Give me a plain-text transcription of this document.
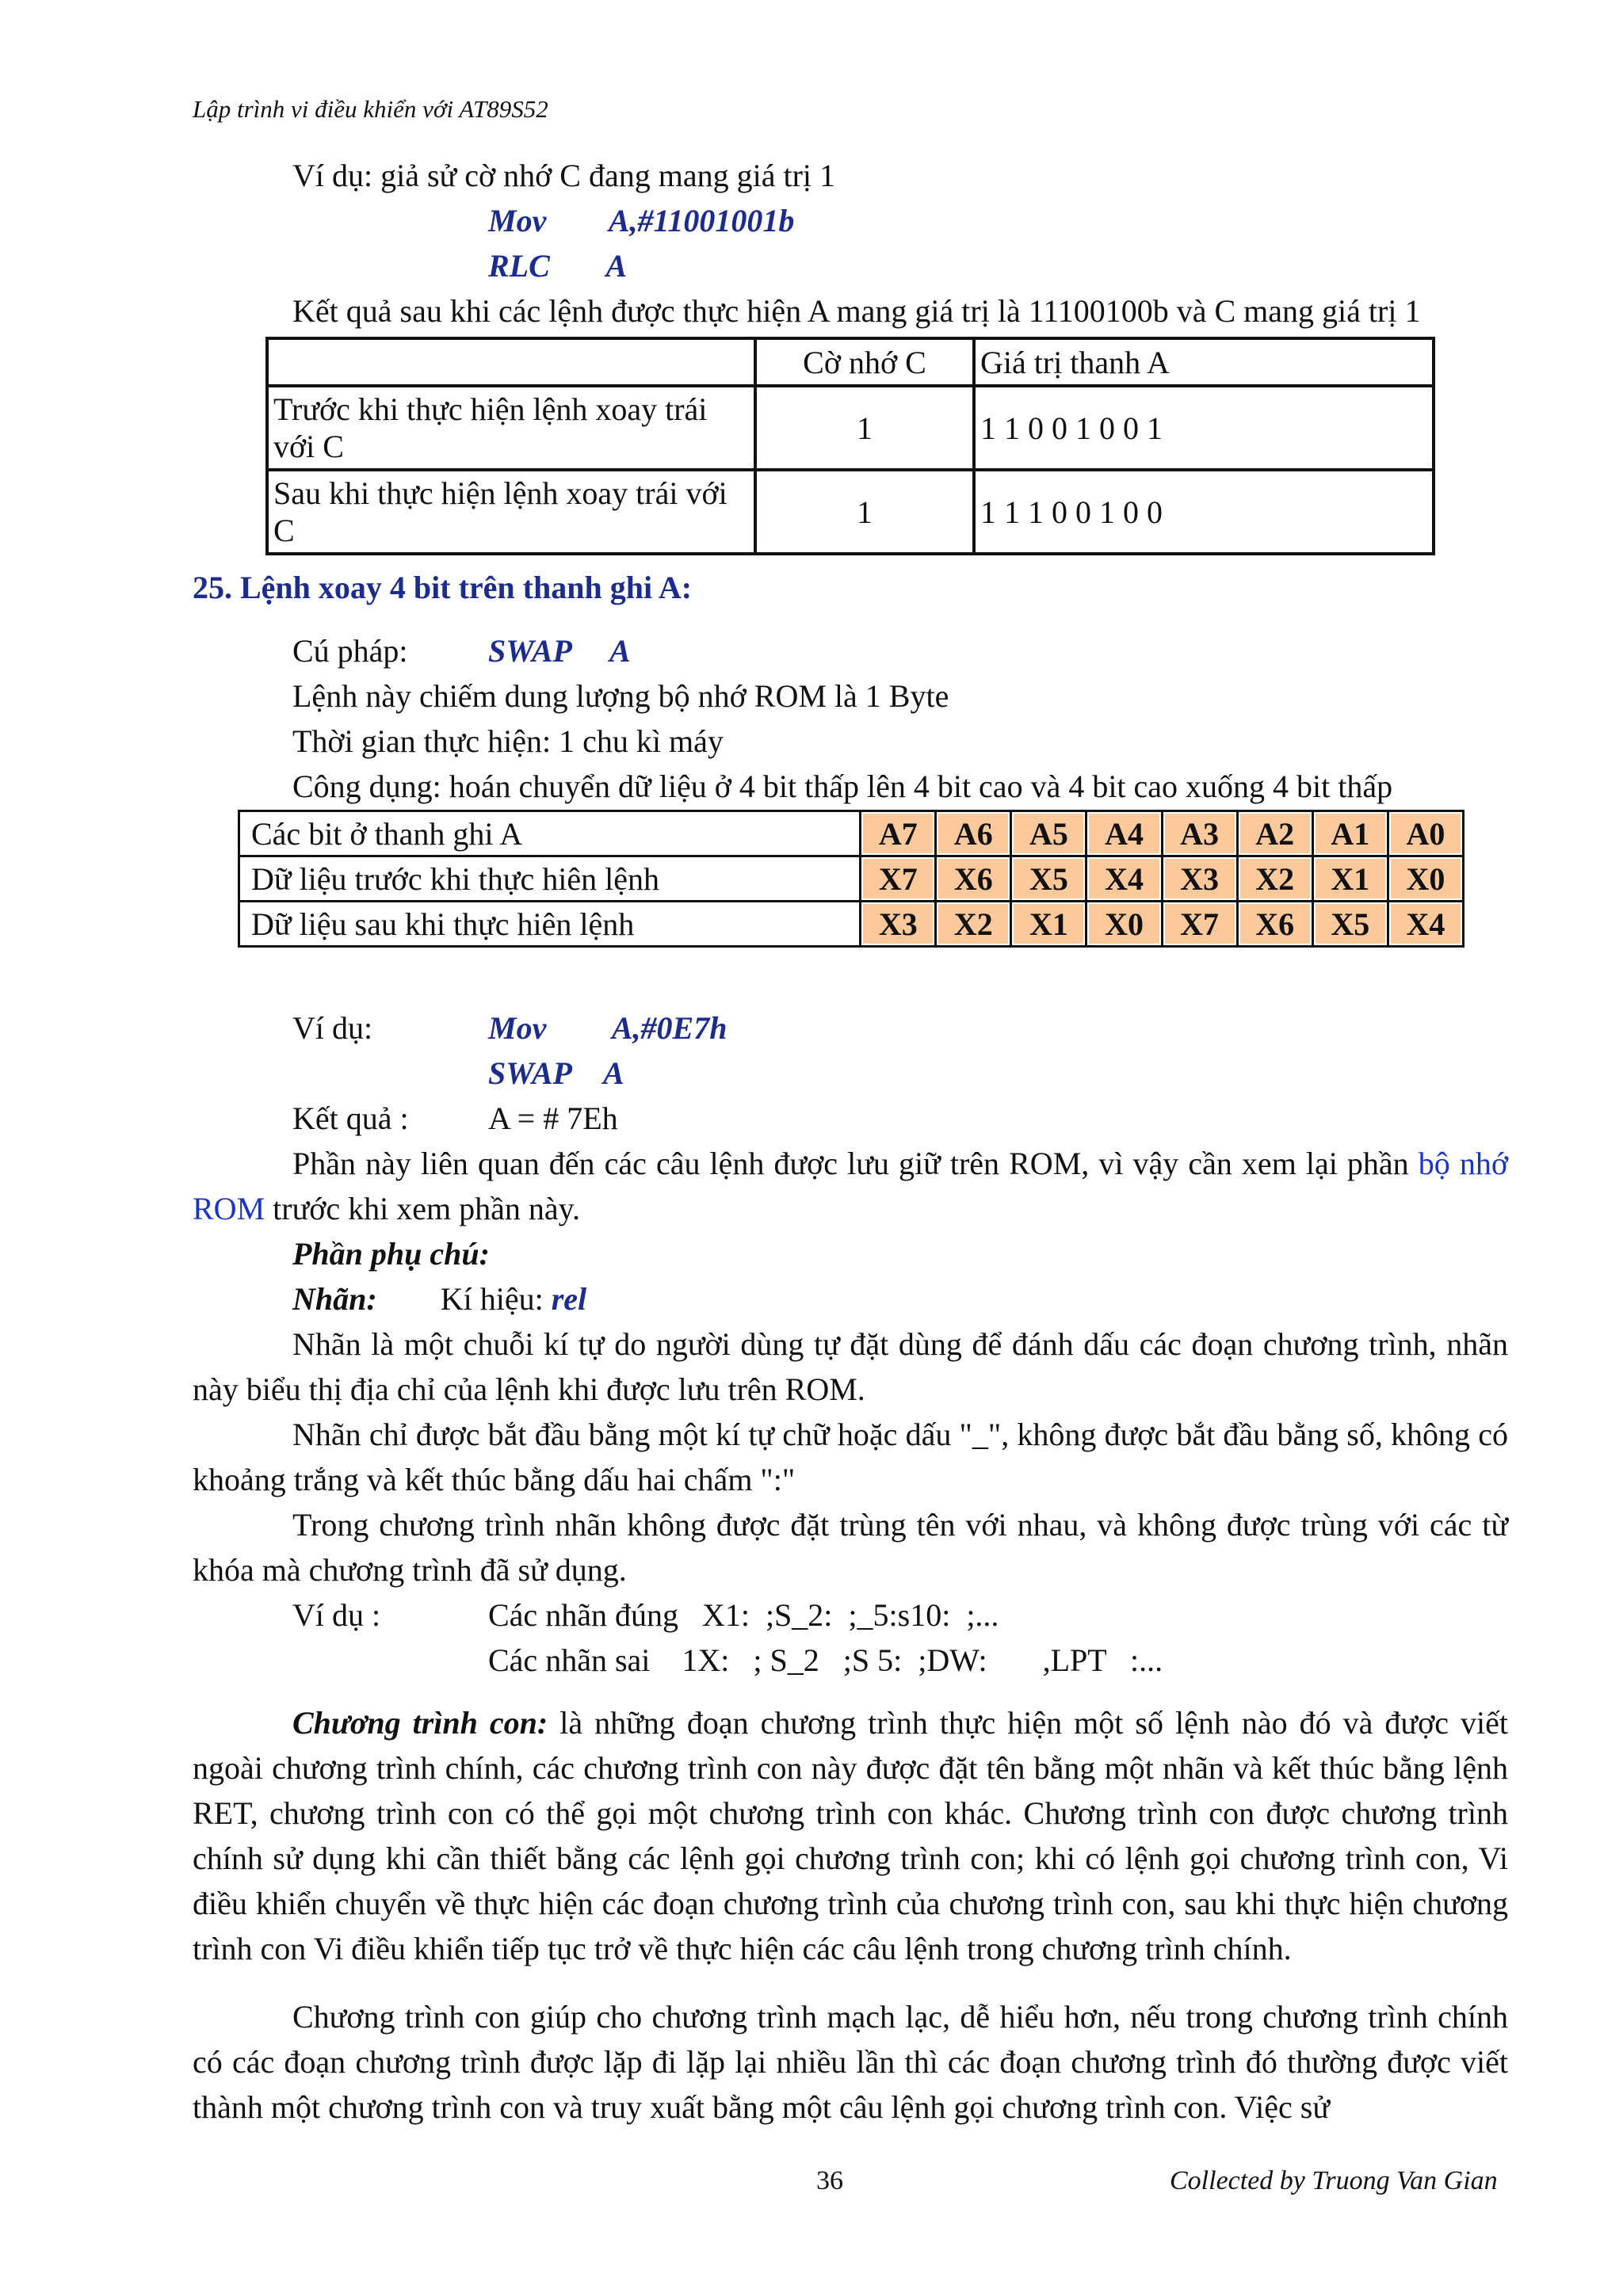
Lập trình vi điều khiển với AT89S52
Ví dụ: giả sử cờ nhớ C đang mang giá trị 1
Mov A,#11001001b
RLC A
Kết quả sau khi các lệnh được thực hiện A mang giá trị là 11100100b và C mang giá trị 1
	Cờ nhớ C	Giá trị thanh A
Trước khi thực hiện lệnh xoay trái với C	1	1 1 0 0 1 0 0 1
Sau khi thực hiện lệnh xoay trái với C	1	1 1 1 0 0 1 0 0
25. Lệnh xoay 4 bit trên thanh ghi A:
Cú pháp:	SWAP A
Lệnh này chiếm dung lượng bộ nhớ ROM là 1 Byte
Thời gian thực hiện: 1 chu kì máy
Công dụng: hoán chuyển dữ liệu ở 4 bit thấp lên 4 bit cao và 4 bit cao xuống 4 bit thấp
Các bit ở thanh ghi A	A7	A6	A5	A4	A3	A2	A1	A0
Dữ liệu trước khi thực hiên lệnh	X7	X6	X5	X4	X3	X2	X1	X0
Dữ liệu sau khi thực hiên lệnh	X3	X2	X1	X0	X7	X6	X5	X4
Ví dụ:	Mov A,#0E7h
SWAP A
Kết quả :	A = # 7Eh
Phần này liên quan đến các câu lệnh được lưu giữ trên ROM, vì vậy cần xem lại phần bộ nhớ ROM trước khi xem phần này.
Phần phụ chú:
Nhãn: Kí hiệu: rel
Nhãn là một chuỗi kí tự do người dùng tự đặt dùng để đánh dấu các đoạn chương trình, nhãn này biểu thị địa chỉ của lệnh khi được lưu trên ROM.
Nhãn chỉ được bắt đầu bằng một kí tự chữ hoặc dấu "_", không được bắt đầu bằng số, không có khoảng trắng và kết thúc bằng dấu hai chấm ":"
Trong chương trình nhãn không được đặt trùng tên với nhau, và không được trùng với các từ khóa mà chương trình đã sử dụng.
Ví dụ :	Các nhãn đúng   X1:  ;S_2:  ;_5:s10:  ;...
Các nhãn sai    1X:   ; S_2   ;S 5:  ;DW:       ,LPT   :...
Chương trình con: là những đoạn chương trình thực hiện một số lệnh nào đó và được viết ngoài chương trình chính, các chương trình con này được đặt tên bằng một nhãn và kết thúc bằng lệnh RET, chương trình con có thể gọi một chương trình con khác. Chương trình con được chương trình chính sử dụng khi cần thiết bằng các lệnh gọi chương trình con; khi có lệnh gọi chương trình con, Vi điều khiển chuyển về thực hiện các đoạn chương trình của chương trình con, sau khi thực hiện chương trình con Vi điều khiển tiếp tục trở về thực hiện các câu lệnh trong chương trình chính.
Chương trình con giúp cho chương trình mạch lạc, dễ hiểu hơn, nếu trong chương trình chính có các đoạn chương trình được lặp đi lặp lại nhiều lần thì các đoạn chương trình đó thường được viết thành một chương trình con và truy xuất bằng một câu lệnh gọi chương trình con. Việc sử
36	Collected by Truong Van Gian
